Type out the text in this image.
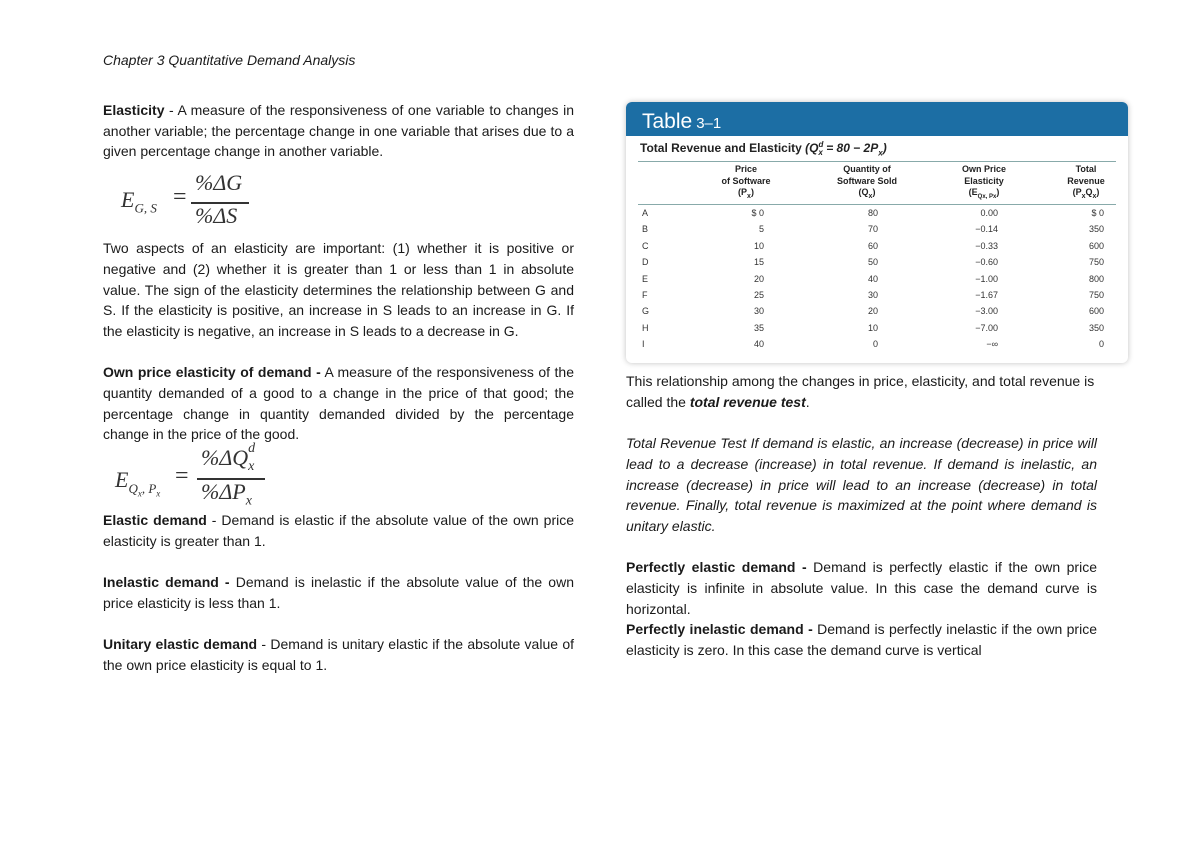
Chapter 3 Quantitative Demand Analysis

Elasticity - A measure of the responsiveness of one variable to changes in another variable; the percentage change in one variable that arises due to a given percentage change in another variable.

$E_{G, S}$ =
%ΔG
%ΔS

Two aspects of an elasticity are important: (1) whether it is positive or negative and (2) whether it is greater than 1 or less than 1 in absolute value. The sign of the elasticity determines the relationship between G and S. If the elasticity is positive, an increase in S leads to an increase in G. If the elasticity is negative, an increase in S leads to a decrease in G.

Own price elasticity of demand - A measure of the responsiveness of the quantity demanded of a good to a change in the price of that good; the percentage change in quantity demanded divided by the percentage change in the price of the good.

$E_{Q_x, P_x}$
=
%ΔQ d
x
$\%\Delta P_x$

Elastic demand - Demand is elastic if the absolute value of the own price elasticity is greater than 1.

Inelastic demand - Demand is inelastic if the absolute value of the own price elasticity is less than 1.

Unitary elastic demand - Demand is unitary elastic if the absolute value of the own price elasticity is equal to 1.

Table 3–1
Total Revenue and Elasticity $(Q^d_x = 80 - 2P_x)$
Price
of Software
$(P_x)$
Quantity of
Software Sold
$(Q_x)$
Own Price
Elasticity
$(E_{Qx, Px})$
Total
Revenue
$(P_xQ_x)$
A	$ 0	80	0.00	$ 0
B	5	70	−0.14	350
C	10	60	−0.33	600
D	15	50	−0.60	750
E	20	40	−1.00	800
F	25	30	−1.67	750
G	30	20	−3.00	600
H	35	10	−7.00	350
I	40	0	−∞	0

This relationship among the changes in price, elasticity, and total revenue is called the total revenue test.

Total Revenue Test If demand is elastic, an increase (decrease) in price will lead to a decrease (increase) in total revenue. If demand is inelastic, an increase (decrease) in price will lead to an increase (decrease) in total revenue. Finally, total revenue is maximized at the point where demand is unitary elastic.

Perfectly elastic demand - Demand is perfectly elastic if the own price elasticity is infinite in absolute value. In this case the demand curve is horizontal.

Perfectly inelastic demand - Demand is perfectly inelastic if the own price elasticity is zero. In this case the demand curve is vertical
